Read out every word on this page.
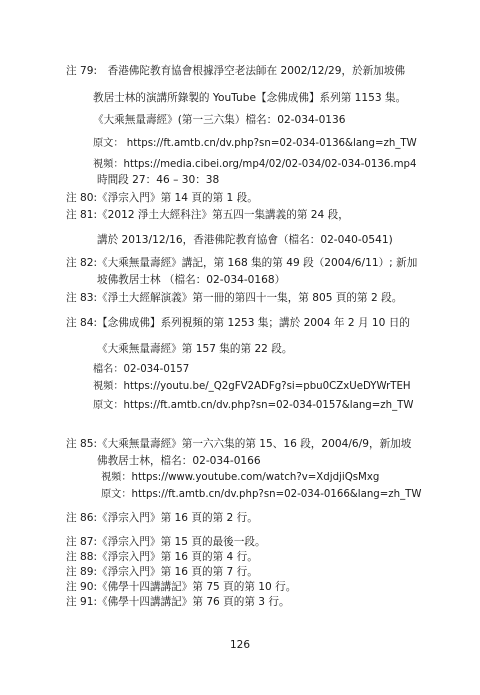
注 79:　香港佛陀教育協會根據淨空老法師在 2002/12/29，於新加坡佛
教居士林的演講所錄製的 YouTube【念佛成佛】系列第 1153 集。
《大乘無量壽經》(第一三六集）檔名：02-034-0136
原文： https://ft.amtb.cn/dv.php?sn=02-034-0136&lang=zh_TW
視頻：https://media.cibei.org/mp4/02/02-034/02-034-0136.mp4
時間段 27：46 – 30：38
注 80:《淨宗入門》第 14 頁的第 1 段。
注 81:《2012 淨土大經科注》第五四一集講義的第 24 段，
講於 2013/12/16，香港佛陀教育協會（檔名：02-040-0541)
注 82:《大乘無量壽經》講記，第 168 集的第 49 段（2004/6/11）; 新加
坡佛教居士林 （檔名：02-034-0168）
注 83:《淨土大經解演義》第一冊的第四十一集，第 805 頁的第 2 段。
注 84:【念佛成佛】系列視頻的第 1253 集；講於 2004 年 2 月 10 日的
《大乘無量壽經》第 157 集的第 22 段。
檔名：02-034-0157
視頻：https://youtu.be/_Q2gFV2ADFg?si=pbu0CZxUeDYWrTEH
原文：https://ft.amtb.cn/dv.php?sn=02-034-0157&lang=zh_TW
注 85:《大乘無量壽經》第一六六集的第 15、16 段，2004/6/9，新加坡
佛教居士林，檔名：02-034-0166
視頻：https://www.youtube.com/watch?v=XdjdjiQsMxg
原文：https://ft.amtb.cn/dv.php?sn=02-034-0166&lang=zh_TW
注 86:《淨宗入門》第 16 頁的第 2 行。
注 87:《淨宗入門》第 15 頁的最後一段。
注 88:《淨宗入門》第 16 頁的第 4 行。
注 89:《淨宗入門》第 16 頁的第 7 行。
注 90:《佛學十四講講記》第 75 頁的第 10 行。
注 91:《佛學十四講講記》第 76 頁的第 3 行。
126
